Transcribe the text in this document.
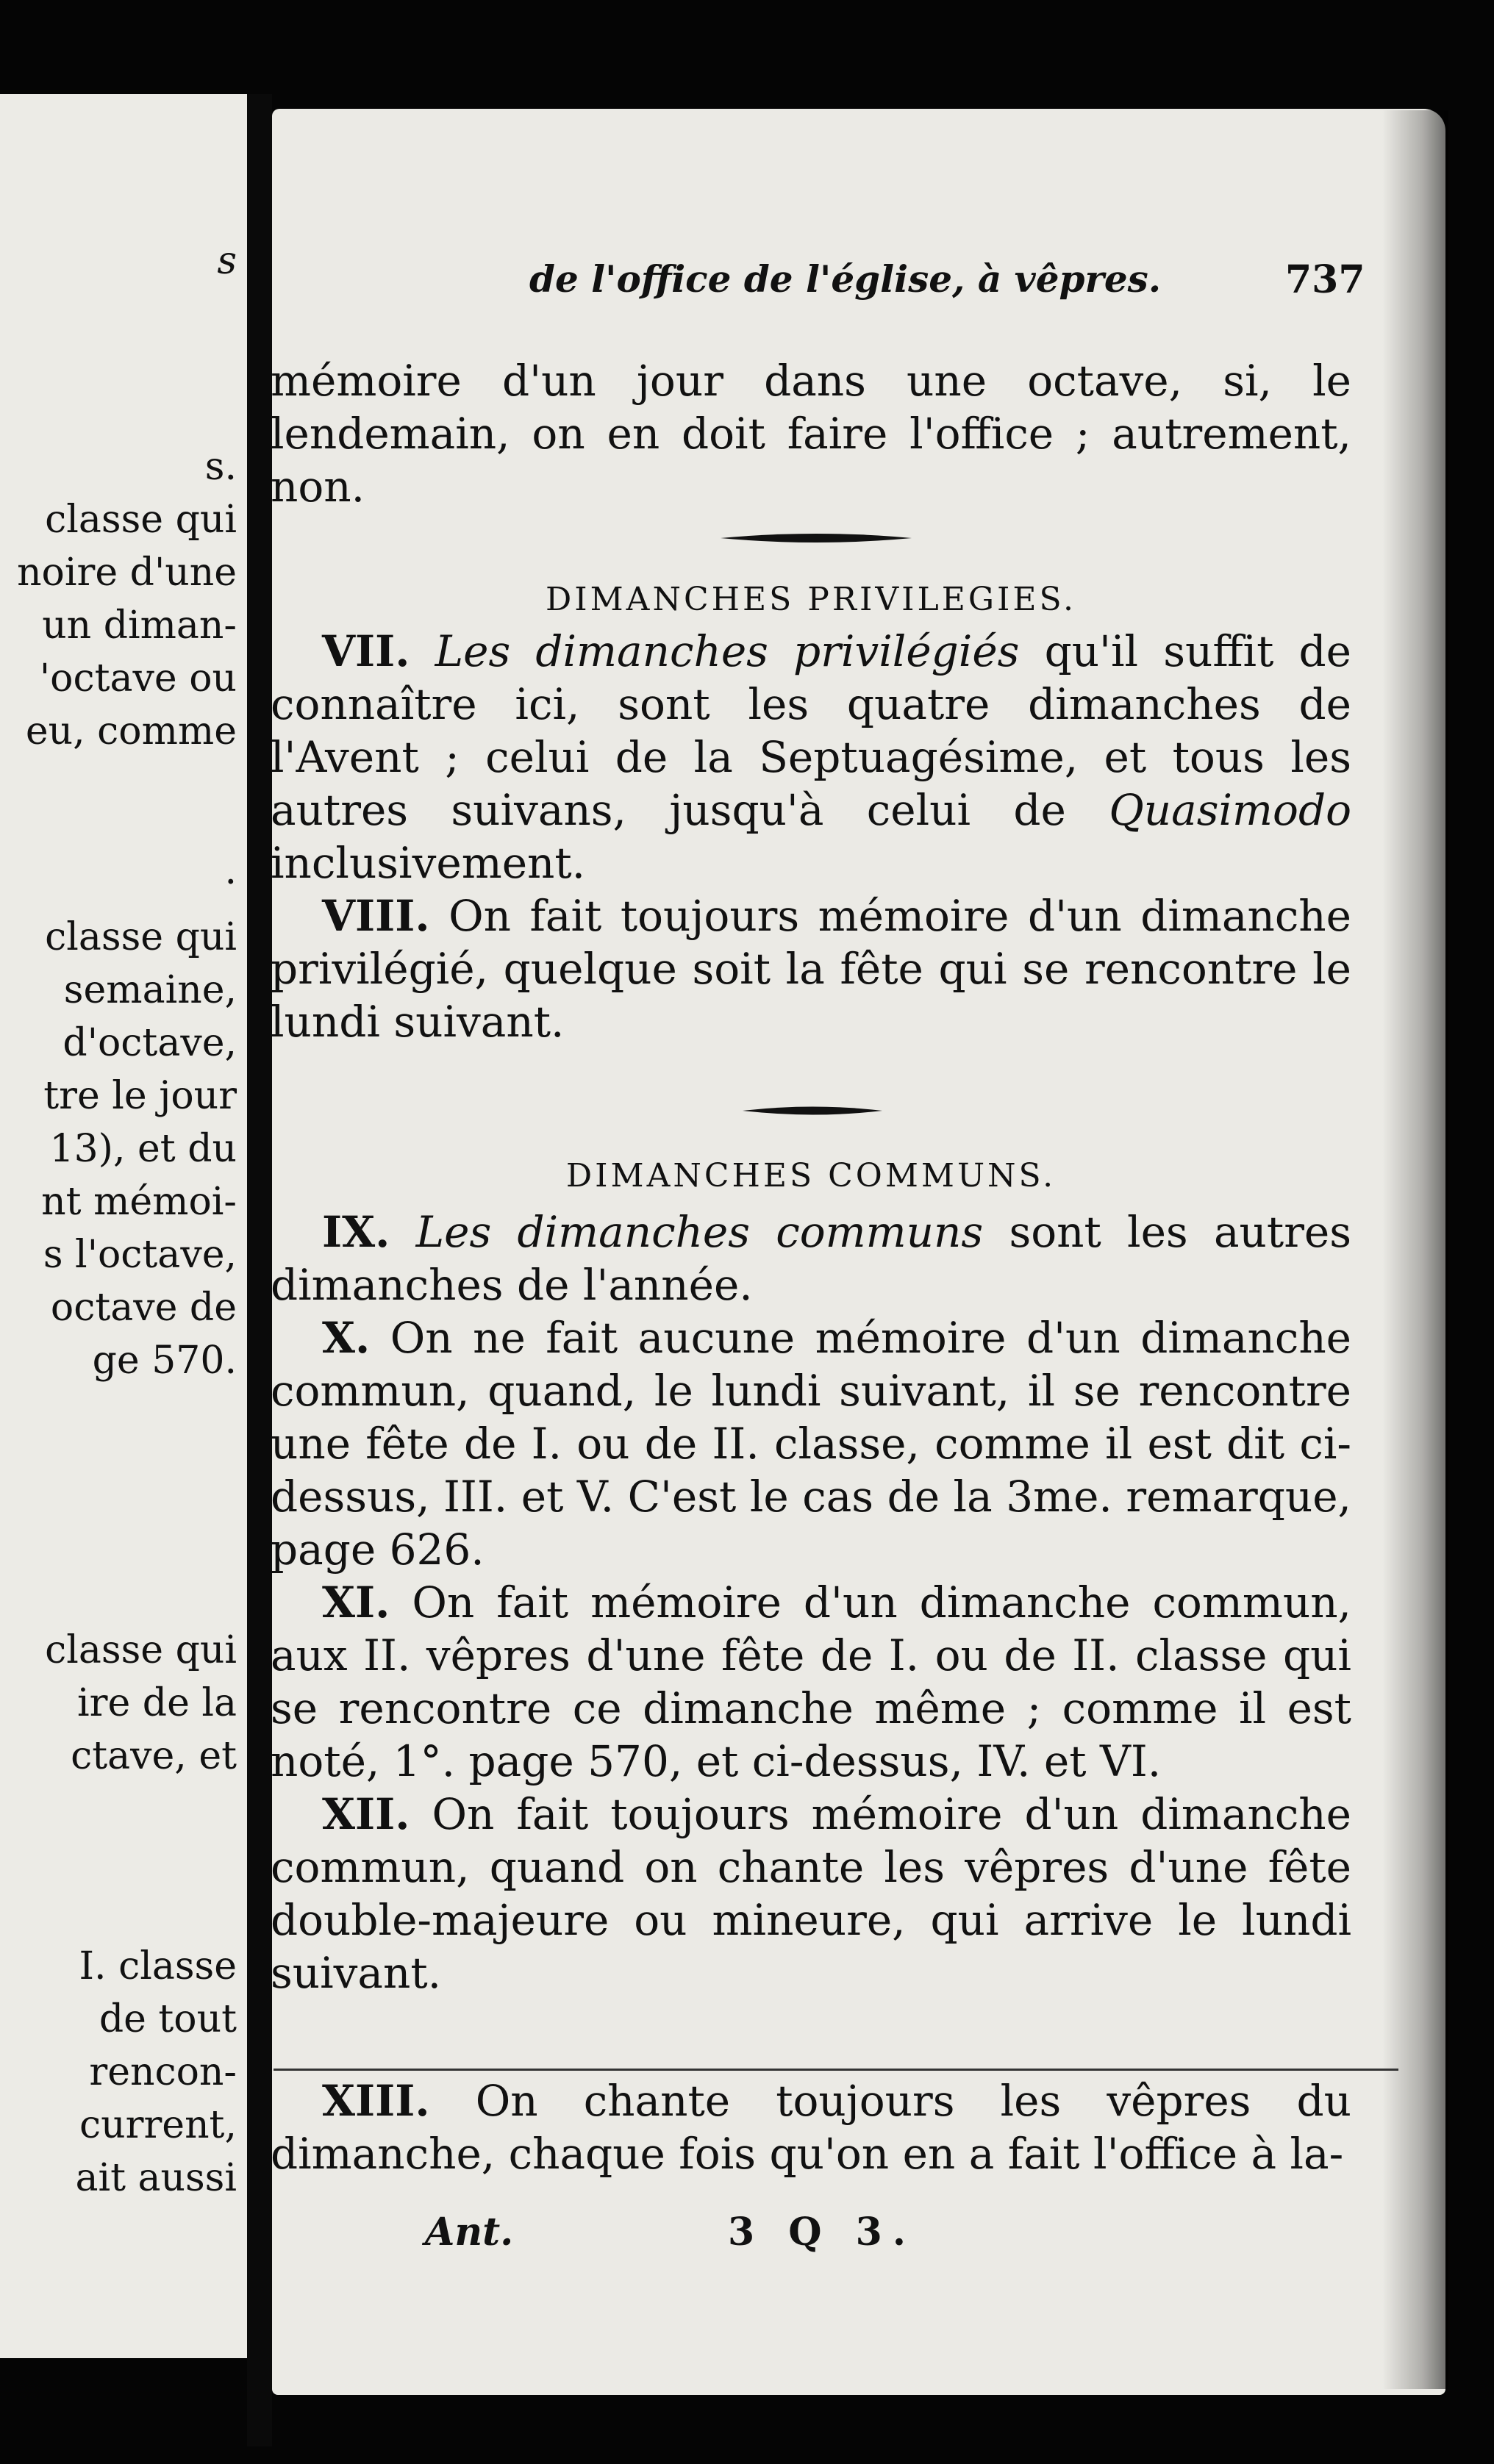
s
s.
classe qui
noire d'une
un diman-
'octave ou
eu, comme
.
classe qui
semaine,
d'octave,
tre le jour
13), et du
nt mémoi-
s l'octave,
octave de
ge 570.
classe qui
ire de la
ctave, et
I. classe
de tout
rencon-
current,
ait aussi
de l'office de l'église, à vêpres.	737

mémoire d'un jour dans une octave, si, le lendemain, on en doit faire l'office ; autrement, non.

DIMANCHES PRIVILEGIES.

VII. Les dimanches privilégiés qu'il suffit de connaître ici, sont les quatre dimanches de l'Avent ; celui de la Septuagésime, et tous les autres suivans, jusqu'à celui de Quasimodo inclusivement.

VIII. On fait toujours mémoire d'un dimanche privilégié, quelque soit la fête qui se rencontre le lundi suivant.

DIMANCHES COMMUNS.

IX. Les dimanches communs sont les autres dimanches de l'année.

X. On ne fait aucune mémoire d'un dimanche commun, quand, le lundi suivant, il se rencontre une fête de I. ou de II. classe, comme il est dit ci-dessus, III. et V. C'est le cas de la 3me. remarque, page 626.

XI. On fait mémoire d'un dimanche commun, aux II. vêpres d'une fête de I. ou de II. classe qui se rencontre ce dimanche même ; comme il est noté, 1°. page 570, et ci-dessus, IV. et VI.

XII. On fait toujours mémoire d'un dimanche commun, quand on chante les vêpres d'une fête double-majeure ou mineure, qui arrive le lundi suivant.

XIII. On chante toujours les vêpres du dimanche, chaque fois qu'on en a fait l'office à la-

Ant.	3 Q 3.
